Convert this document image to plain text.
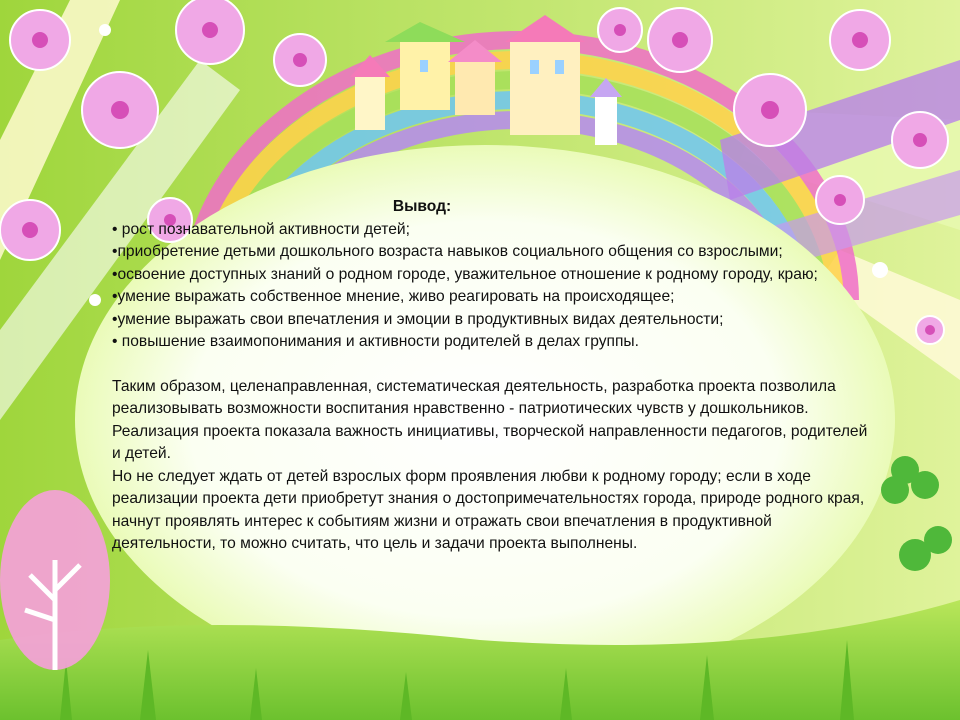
Вывод:

• рост познавательной активности детей;
• приобретение детьми дошкольного возраста навыков социального общения со взрослыми;
• освоение доступных знаний о родном городе, уважительное отношение к родному городу, краю;
• умение выражать собственное мнение, живо реагировать на происходящее;
• умение выражать свои впечатления и эмоции в продуктивных видах деятельности;
• повышение взаимопонимания и активности родителей в делах группы.

Таким образом, целенаправленная, систематическая деятельность, разработка проекта позволила реализовывать возможности воспитания нравственно - патриотических чувств у дошкольников.

Реализация проекта показала важность инициативы, творческой направленности педагогов, родителей и детей.

Но не следует ждать от детей взрослых форм проявления любви к родному городу; если в ходе реализации проекта дети приобретут знания о достопримечательностях города, природе родного края, начнут проявлять интерес к событиям жизни и отражать свои впечатления в продуктивной деятельности, то можно считать, что цель и задачи проекта выполнены.
